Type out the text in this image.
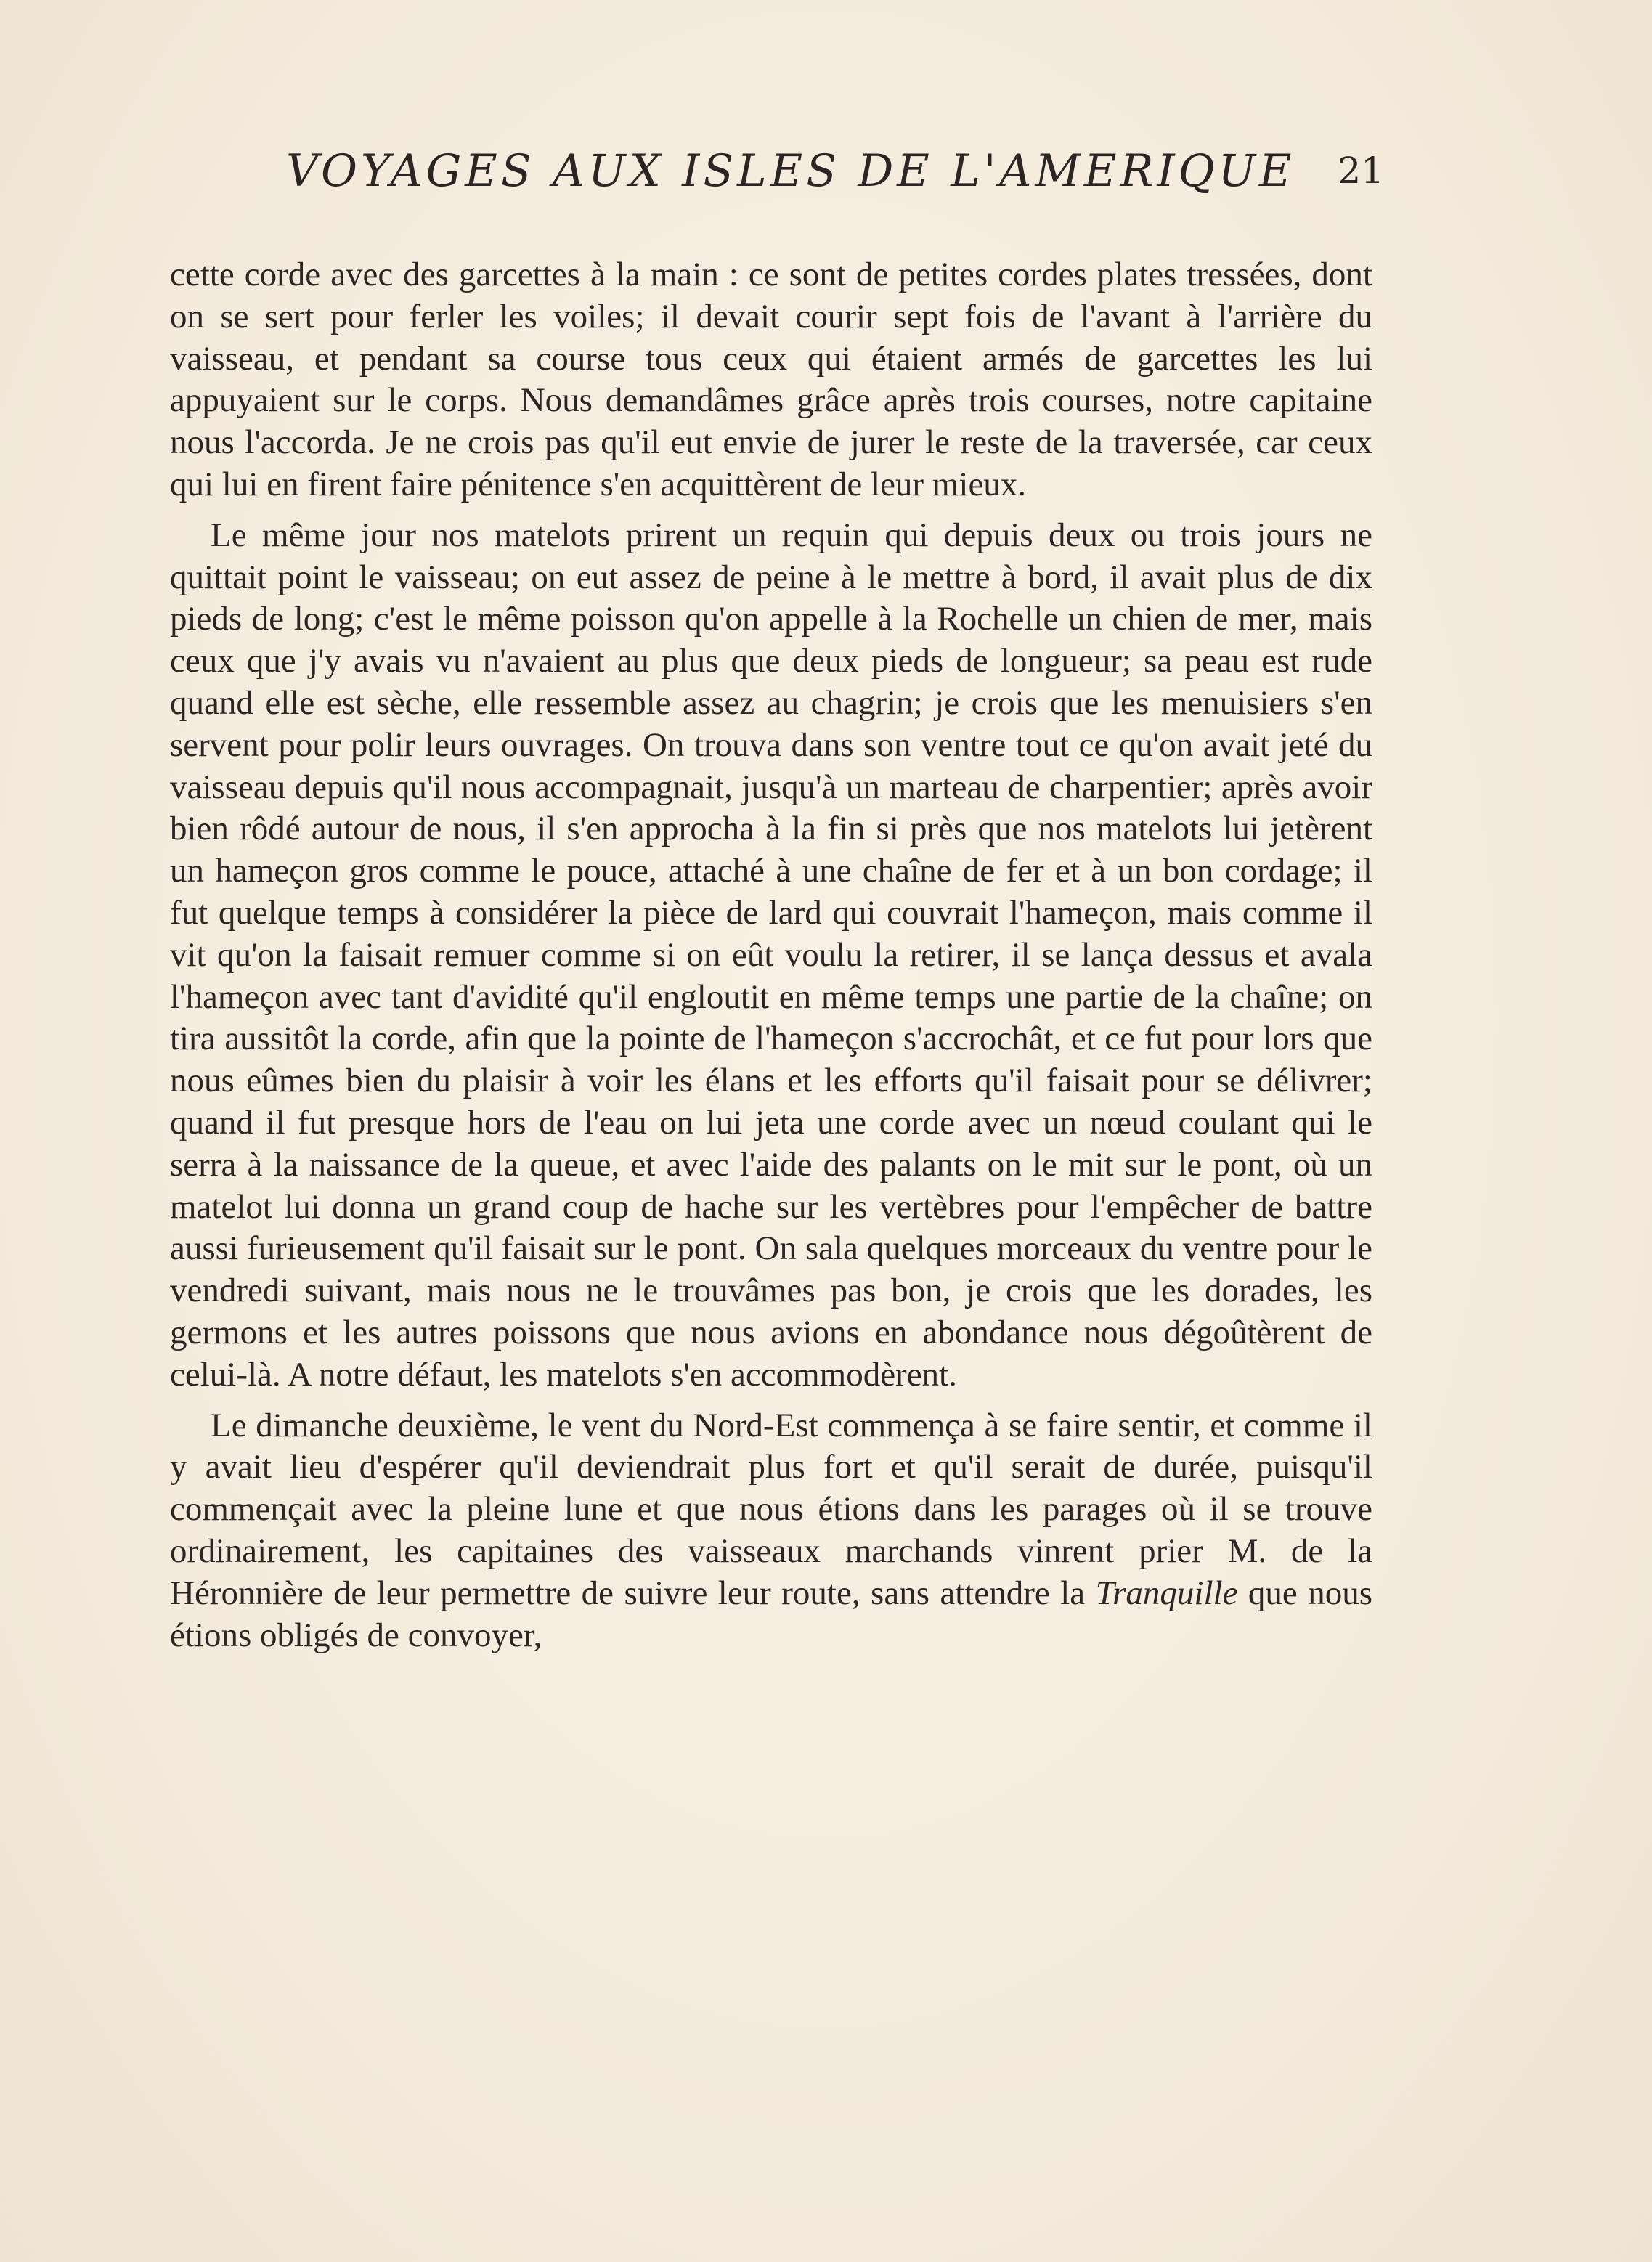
VOYAGES AUX ISLES DE L'AMERIQUE 21

cette corde avec des garcettes à la main : ce sont de petites cordes plates tressées, dont on se sert pour ferler les voiles; il devait courir sept fois de l'avant à l'arrière du vaisseau, et pendant sa course tous ceux qui étaient armés de garcettes les lui appuyaient sur le corps. Nous demandâmes grâce après trois courses, notre capitaine nous l'accorda. Je ne crois pas qu'il eut envie de jurer le reste de la traversée, car ceux qui lui en firent faire pénitence s'en acquittèrent de leur mieux.

Le même jour nos matelots prirent un requin qui depuis deux ou trois jours ne quittait point le vaisseau; on eut assez de peine à le mettre à bord, il avait plus de dix pieds de long; c'est le même poisson qu'on appelle à la Rochelle un chien de mer, mais ceux que j'y avais vu n'avaient au plus que deux pieds de longueur; sa peau est rude quand elle est sèche, elle ressemble assez au chagrin; je crois que les menuisiers s'en servent pour polir leurs ouvrages. On trouva dans son ventre tout ce qu'on avait jeté du vaisseau depuis qu'il nous accompagnait, jusqu'à un marteau de charpentier; après avoir bien rôdé autour de nous, il s'en approcha à la fin si près que nos matelots lui jetèrent un hameçon gros comme le pouce, attaché à une chaîne de fer et à un bon cordage; il fut quelque temps à considérer la pièce de lard qui couvrait l'hameçon, mais comme il vit qu'on la faisait remuer comme si on eût voulu la retirer, il se lança dessus et avala l'hameçon avec tant d'avidité qu'il engloutit en même temps une partie de la chaîne; on tira aussitôt la corde, afin que la pointe de l'hameçon s'accrochât, et ce fut pour lors que nous eûmes bien du plaisir à voir les élans et les efforts qu'il faisait pour se délivrer; quand il fut presque hors de l'eau on lui jeta une corde avec un nœud coulant qui le serra à la naissance de la queue, et avec l'aide des palants on le mit sur le pont, où un matelot lui donna un grand coup de hache sur les vertèbres pour l'empêcher de battre aussi furieusement qu'il faisait sur le pont. On sala quelques morceaux du ventre pour le vendredi suivant, mais nous ne le trouvâmes pas bon, je crois que les dorades, les germons et les autres poissons que nous avions en abondance nous dégoûtèrent de celui-là. A notre défaut, les matelots s'en accommodèrent.

Le dimanche deuxième, le vent du Nord-Est commença à se faire sentir, et comme il y avait lieu d'espérer qu'il deviendrait plus fort et qu'il serait de durée, puisqu'il commençait avec la pleine lune et que nous étions dans les parages où il se trouve ordinairement, les capitaines des vaisseaux marchands vinrent prier M. de la Héronnière de leur permettre de suivre leur route, sans attendre la Tranquille que nous étions obligés de convoyer,
